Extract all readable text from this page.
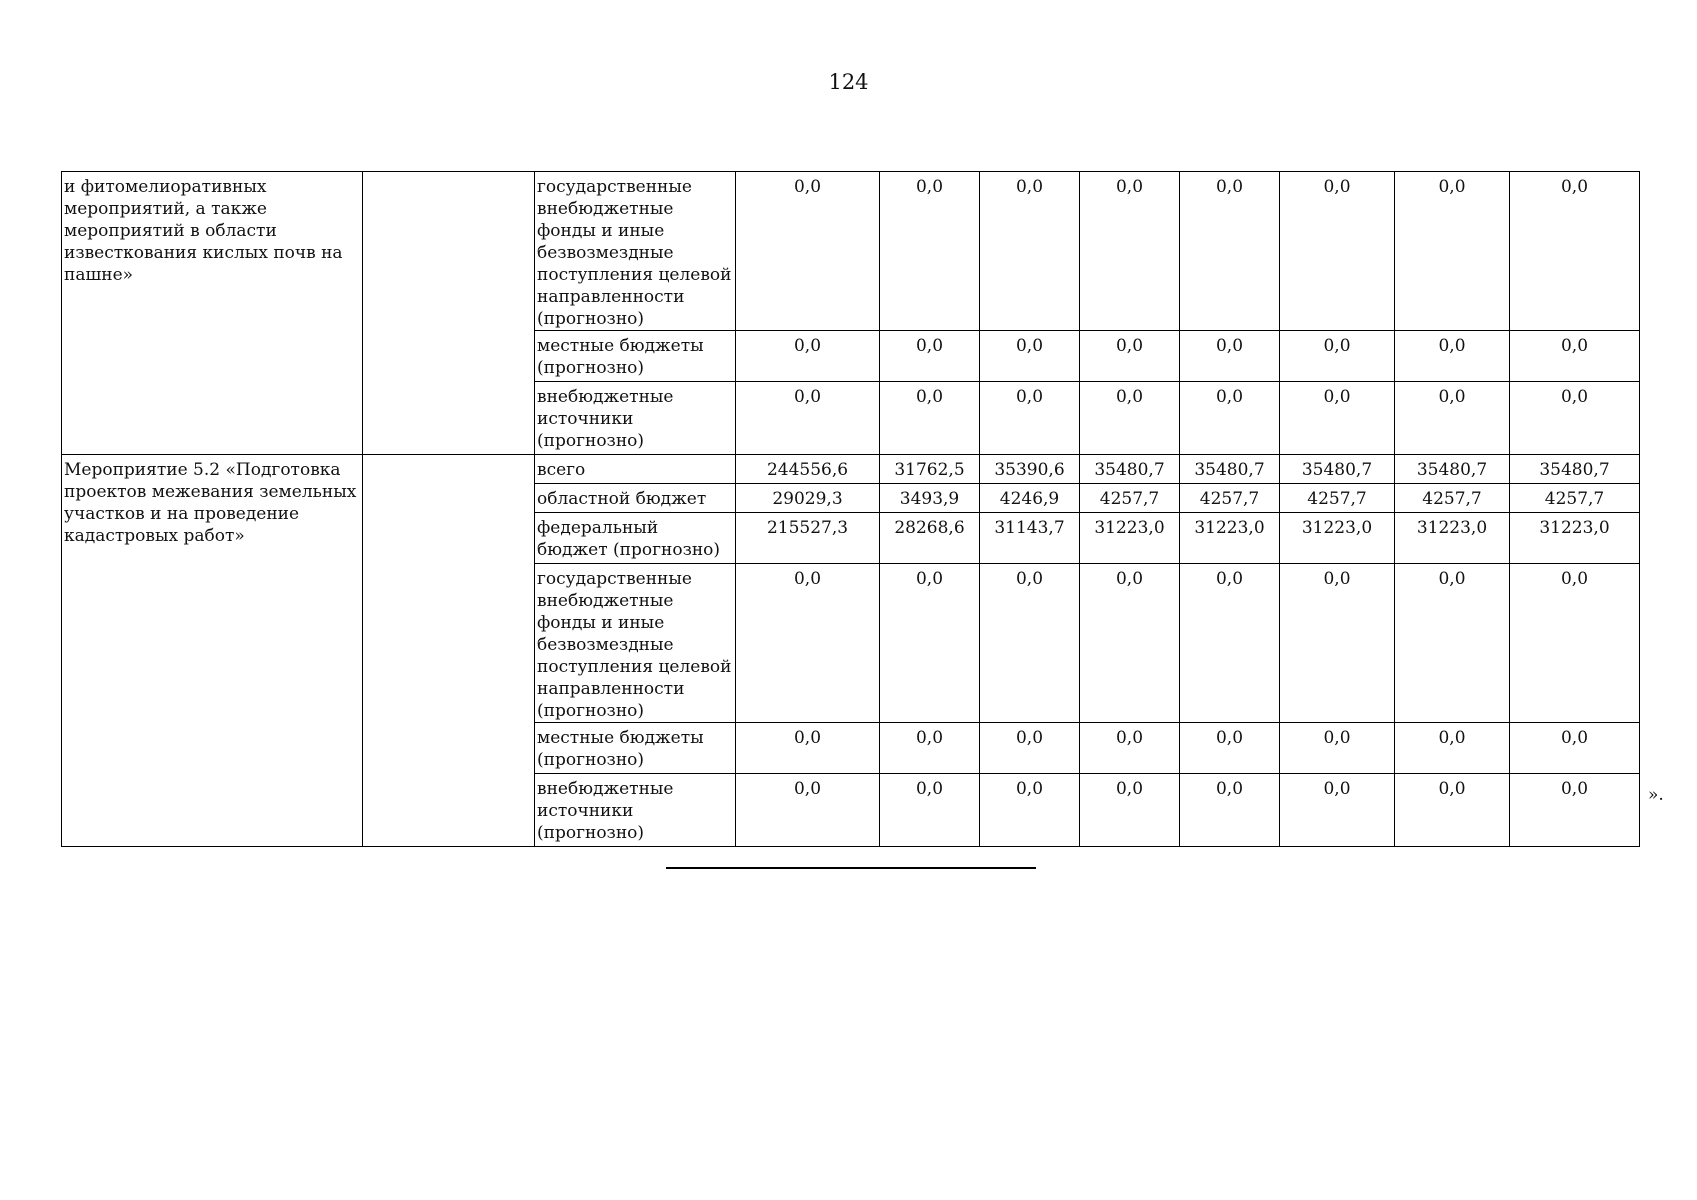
124
и фитомелиоративных мероприятий, а также мероприятий в области известкования кислых почв на пашне»		государственные внебюджетные фонды и иные безвозмездные поступления целевой направленности (прогнозно)	0,0	0,0	0,0	0,0	0,0	0,0	0,0	0,0
		местные бюджеты (прогнозно)	0,0	0,0	0,0	0,0	0,0	0,0	0,0	0,0
		внебюджетные источники (прогнозно)	0,0	0,0	0,0	0,0	0,0	0,0	0,0	0,0
Мероприятие 5.2 «Подготовка проектов межевания земельных участков и на проведение кадастровых работ»		всего	244556,6	31762,5	35390,6	35480,7	35480,7	35480,7	35480,7	35480,7
		областной бюджет	29029,3	3493,9	4246,9	4257,7	4257,7	4257,7	4257,7	4257,7
		федеральный бюджет (прогнозно)	215527,3	28268,6	31143,7	31223,0	31223,0	31223,0	31223,0	31223,0
		государственные внебюджетные фонды и иные безвозмездные поступления целевой направленности (прогнозно)	0,0	0,0	0,0	0,0	0,0	0,0	0,0	0,0
		местные бюджеты (прогнозно)	0,0	0,0	0,0	0,0	0,0	0,0	0,0	0,0
		внебюджетные источники (прогнозно)	0,0	0,0	0,0	0,0	0,0	0,0	0,0	0,0	».
